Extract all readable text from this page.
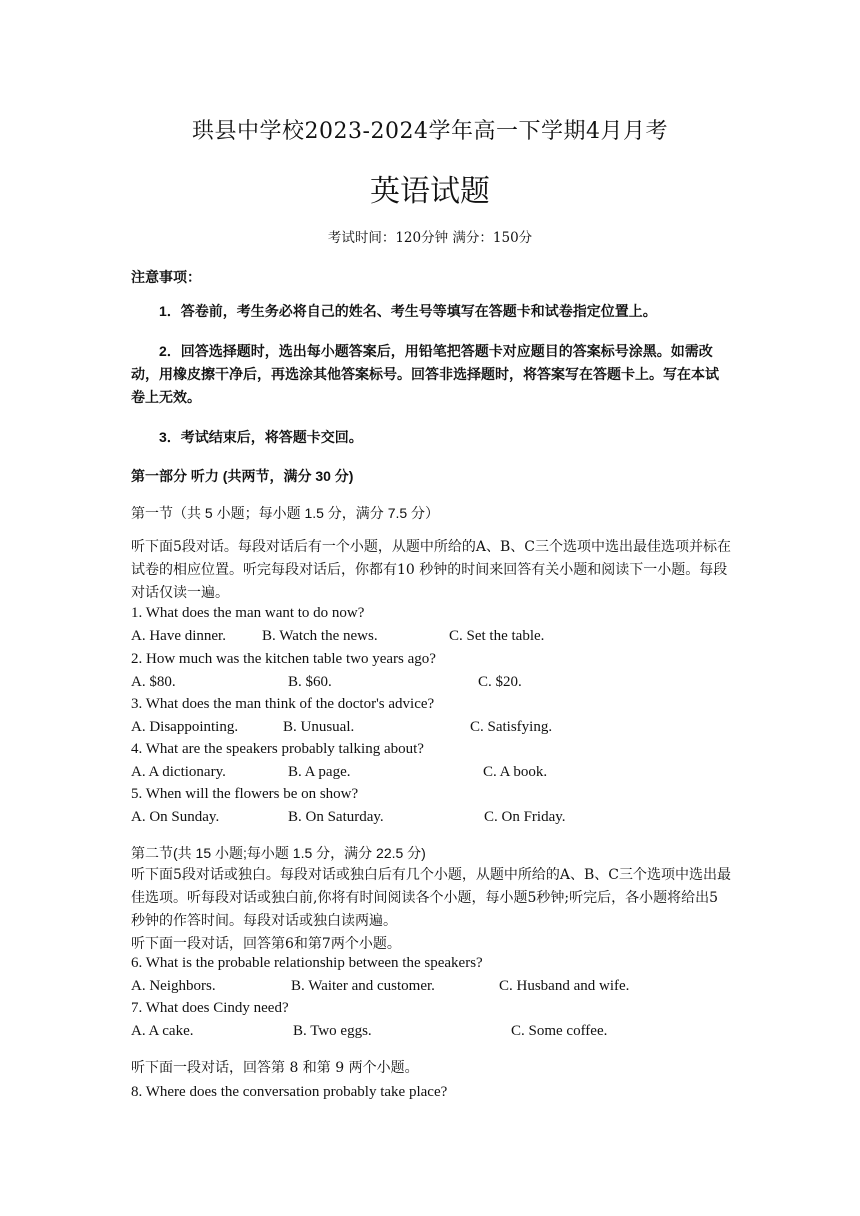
珙县中学校2023-2024学年高一下学期4月月考
英语试题
考试时间：120分钟 满分：150分
注意事项：
1．答卷前，考生务必将自己的姓名、考生号等填写在答题卡和试卷指定位置上。
2．回答选择题时，选出每小题答案后，用铅笔把答题卡对应题目的答案标号涂黑。如需改动，用橡皮擦干净后，再选涂其他答案标号。回答非选择题时，将答案写在答题卡上。写在本试卷上无效。
3．考试结束后，将答题卡交回。
第一部分 听力 (共两节，满分 30 分)
第一节（共 5 小题；每小题 1.5 分，满分 7.5 分）
听下面5段对话。每段对话后有一个小题，从题中所给的A、B、C三个选项中选出最佳选项并标在试卷的相应位置。听完每段对话后，你都有10 秒钟的时间来回答有关小题和阅读下一小题。每段对话仅读一遍。
1. What does the man want to do now?
A. Have dinner. B. Watch the news.	C. Set the table.
2. How much was the kitchen table two years ago?
A. $80.	B. $60.	C. $20.
3. What does the man think of the doctor's advice?
A. Disappointing.	B. Unusual.	C. Satisfying.
4. What are the speakers probably talking about?
A. A dictionary.	B. A page.	C. A book.
5. When will the flowers be on show?
A. On Sunday.	B. On Saturday.	C. On Friday.
第二节(共 15 小题;每小题 1.5 分，满分 22.5 分)
听下面5段对话或独白。每段对话或独白后有几个小题，从题中所给的A、B、C三个选项中选出最佳选项。听每段对话或独白前,你将有时间阅读各个小题，每小题5秒钟;听完后，各小题将给出5秒钟的作答时间。每段对话或独白读两遍。
听下面一段对话，回答第6和第7两个小题。
6. What is the probable relationship between the speakers?
A. Neighbors.	B. Waiter and customer.	C. Husband and wife.
7. What does Cindy need?
A. A cake.	B. Two eggs.	C. Some coffee.
听下面一段对话，回答第 8 和第 9 两个小题。
8. Where does the conversation probably take place?
